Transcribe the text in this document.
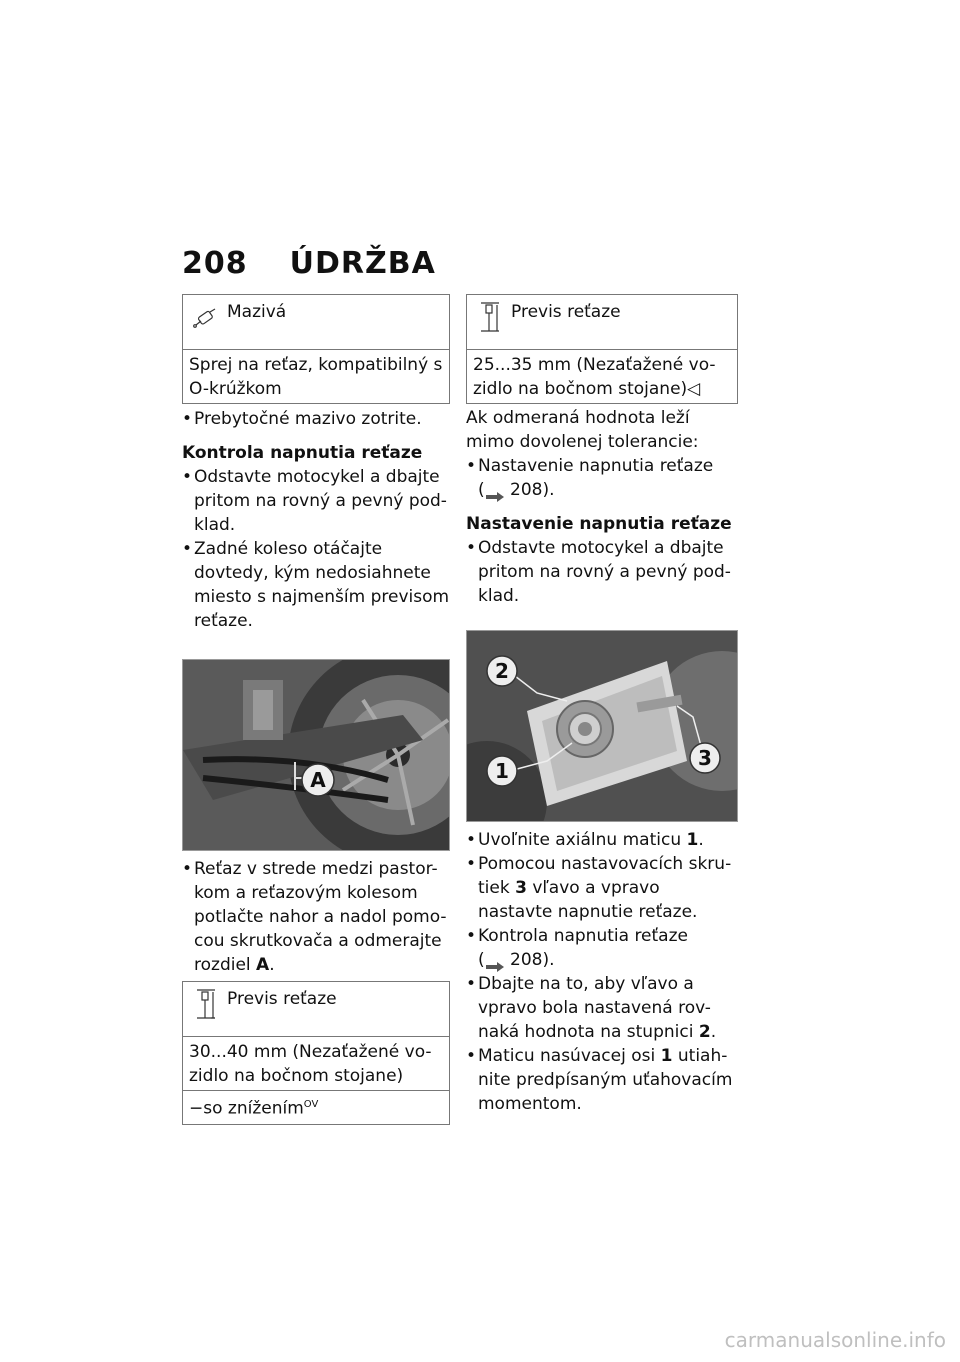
208 ÚDRŽBA
Mazivá
Sprej na reťaz, kompatibilný s O-krúžkom
• Prebytočné mazivo zotrite.
Kontrola napnutia reťaze
• Odstavte motocykel a dbajte pritom na rovný a pevný pod-klad.
• Zadné koleso otáčajte dovtedy, kým nedosiahnete miesto s najmenším previsom reťaze.
A
• Reťaz v strede medzi pastor-kom a reťazovým kolesom potlačte nahor a nadol pomo-cou skrutkovača a odmerajte rozdiel A.
Previs reťaze
30...40 mm (Nezaťažené vo-zidlo na bočnom stojane)
−so znížením$^{OV}$
Previs reťaze
25...35 mm (Nezaťažené vo-zidlo na bočnom stojane)◁

Ak odmeraná hodnota leží mimo dovolenej tolerancie:

• Nastavenie napnutia reťaze
( 208).
Nastavenie napnutia reťaze
• Odstavte motocykel a dbajte pritom na rovný a pevný pod-klad.
2
1
3
• Uvoľnite axiálnu maticu 1.
• Pomocou nastavovacích skru-tiek 3 vľavo a vpravo nastavte napnutie reťaze.
• Kontrola napnutia reťaze
( 208).
• Dbajte na to, aby vľavo a vpravo bola nastavená rov-naká hodnota na stupnici 2.
• Maticu nasúvacej osi 1 utiah-nite predpísaným uťahovacím momentom.
carmanualsonline.info
